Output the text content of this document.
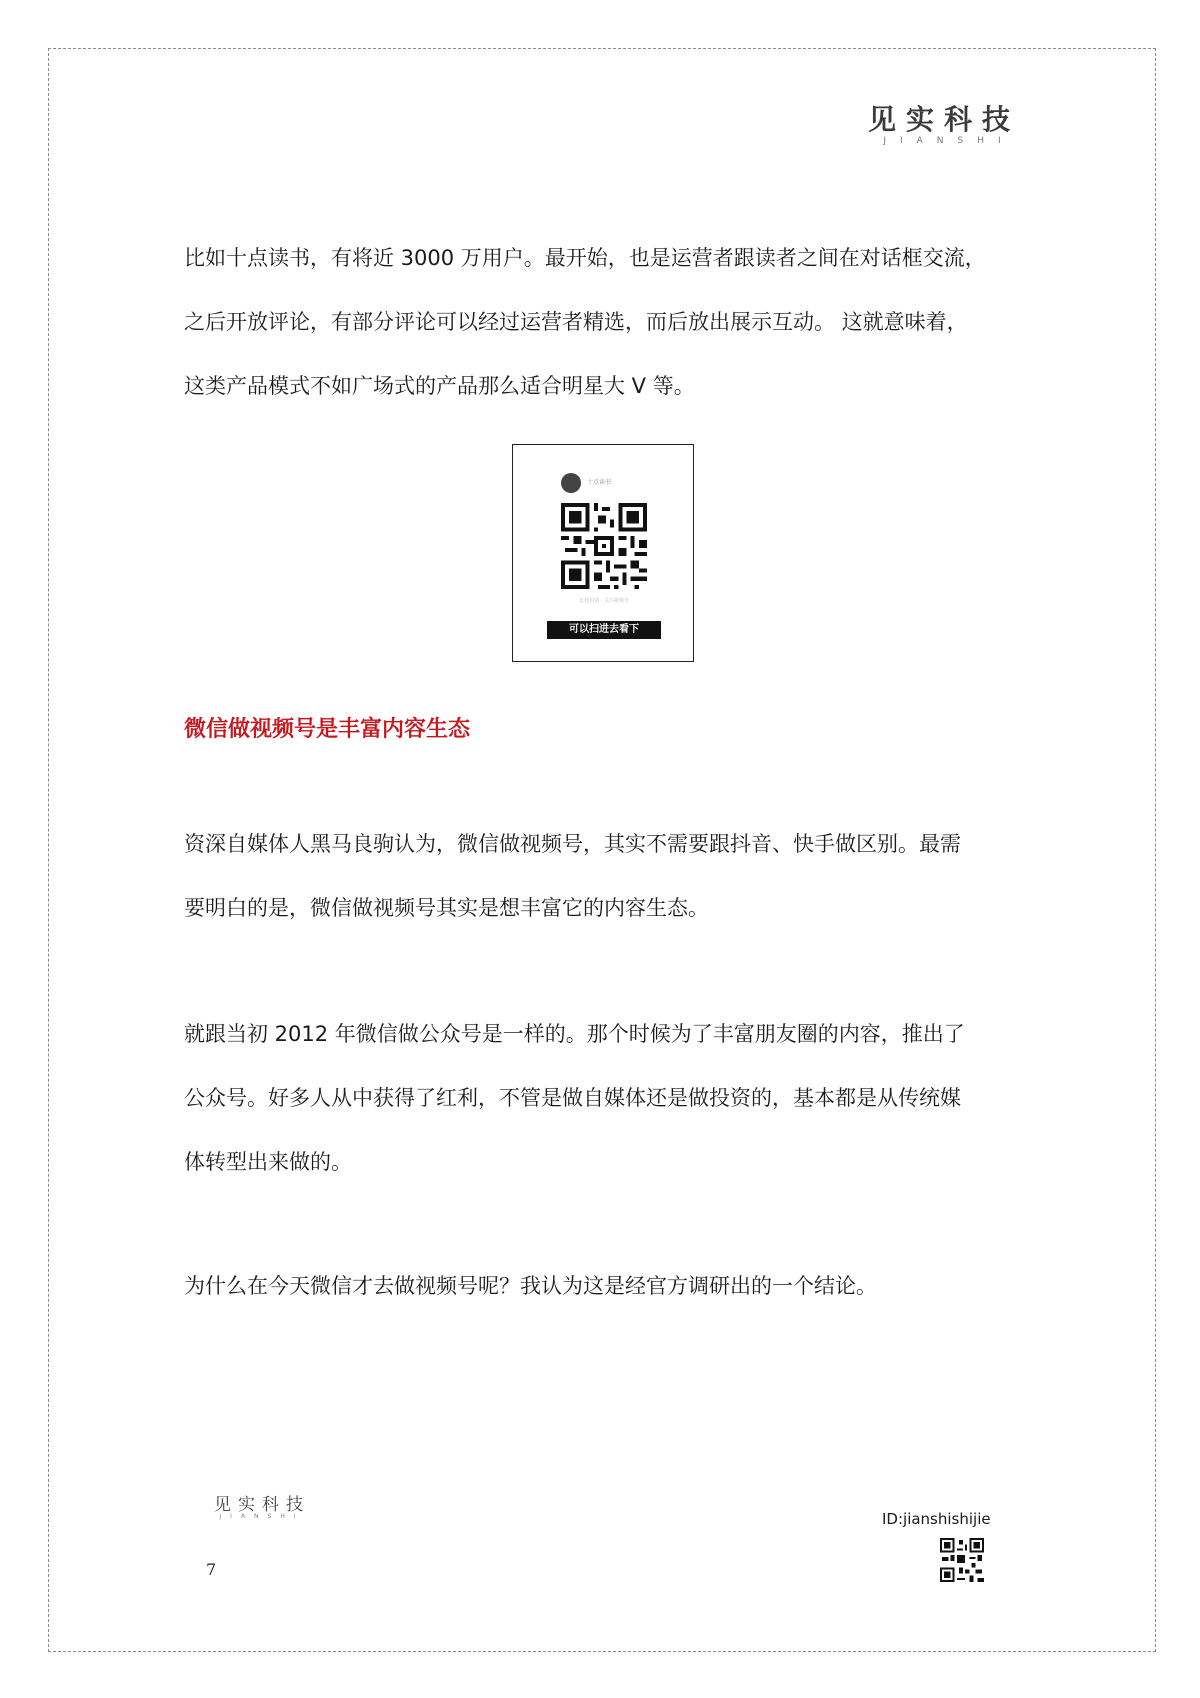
见实科技
JIANSHI

比如十点读书，有将近 3000 万用户。最开始，也是运营者跟读者之间在对话框交流，

之后开放评论，有部分评论可以经过运营者精选，而后放出展示互动。 这就意味着，

这类产品模式不如广场式的产品那么适合明星大 V 等。

十点读书
长按识别 · 关注视频号
可以扫进去看下
微信做视频号是丰富内容生态

资深自媒体人黑马良驹认为，微信做视频号，其实不需要跟抖音、快手做区别。最需

要明白的是，微信做视频号其实是想丰富它的内容生态。

就跟当初 2012 年微信做公众号是一样的。那个时候为了丰富朋友圈的内容，推出了

公众号。好多人从中获得了红利，不管是做自媒体还是做投资的，基本都是从传统媒

体转型出来做的。

为什么在今天微信才去做视频号呢？我认为这是经官方调研出的一个结论。

见实科技
JIANSHI
7
ID:jianshishijie
